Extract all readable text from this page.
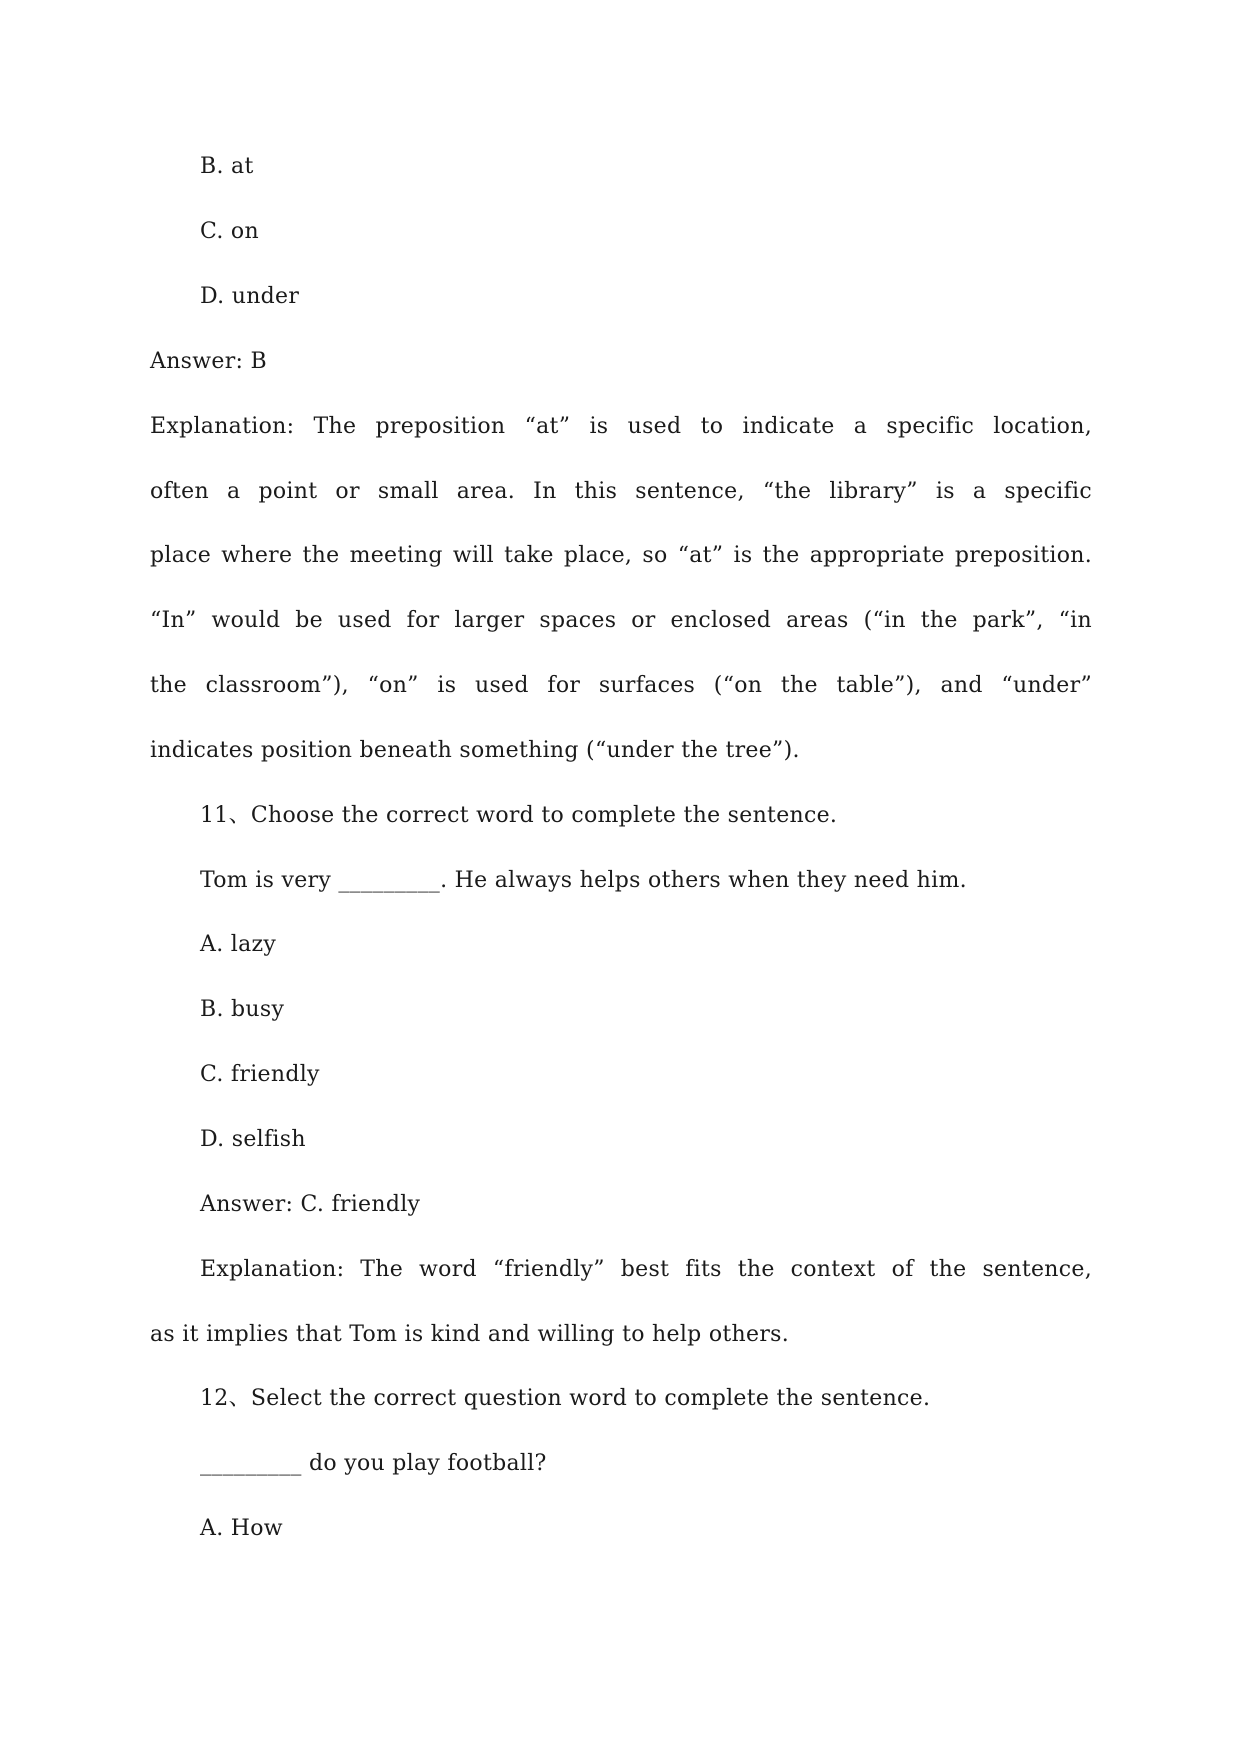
B. at
C. on
D. under
Answer: B
Explanation: The preposition “at” is used to indicate a specific location,
often a point or small area. In this sentence, “the library” is a specific
place where the meeting will take place, so “at” is the appropriate preposition.
“In” would be used for larger spaces or enclosed areas (“in the park”, “in
the classroom”), “on” is used for surfaces (“on the table”), and “under”
indicates position beneath something (“under the tree”).
11、Choose the correct word to complete the sentence.
Tom is very _________. He always helps others when they need him.
A. lazy
B. busy
C. friendly
D. selfish
Answer: C. friendly
Explanation: The word “friendly” best fits the context of the sentence,
as it implies that Tom is kind and willing to help others.
12、Select the correct question word to complete the sentence.
_________ do you play football?
A. How
